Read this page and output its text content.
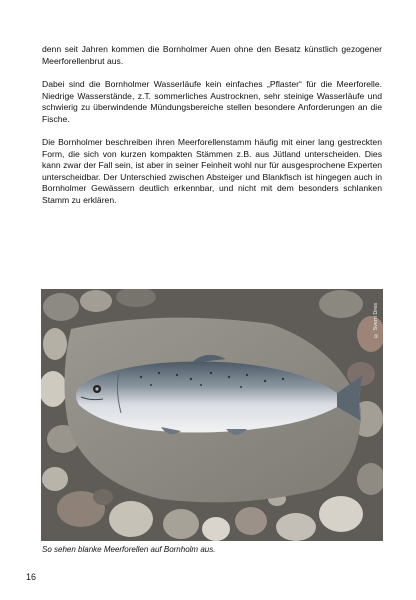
denn seit Jahren kommen die Bornholmer Auen ohne den Besatz künstlich gezogener Meerforellenbrut aus.

Dabei sind die Bornholmer Wasserläufe kein einfaches „Pflaster“ für die Meerforelle. Niedrige Wasserstände, z.T. sommerliches Austrocknen, sehr steinige Wasserläufe und schwierig zu überwindende Mündungsbereiche stellen besondere Anforderungen an die Fische.

Die Bornholmer beschreiben ihren Meerforellenstamm häufig mit einer lang gestreckten Form, die sich von kurzen kompakten Stämmen z.B. aus Jütland unterscheiden. Dies kann zwar der Fall sein, ist aber in seiner Feinheit wohl nur für ausgesprochene Experten unterscheidbar. Der Unterschied zwischen Absteiger und Blankfisch ist hingegen auch in Bornholmer Gewässern deutlich erkennbar, und nicht mit dem besonders schlanken Stamm zu erklären.

© Sverri Dres

So sehen blanke Meerforellen auf Bornholm aus.

16
